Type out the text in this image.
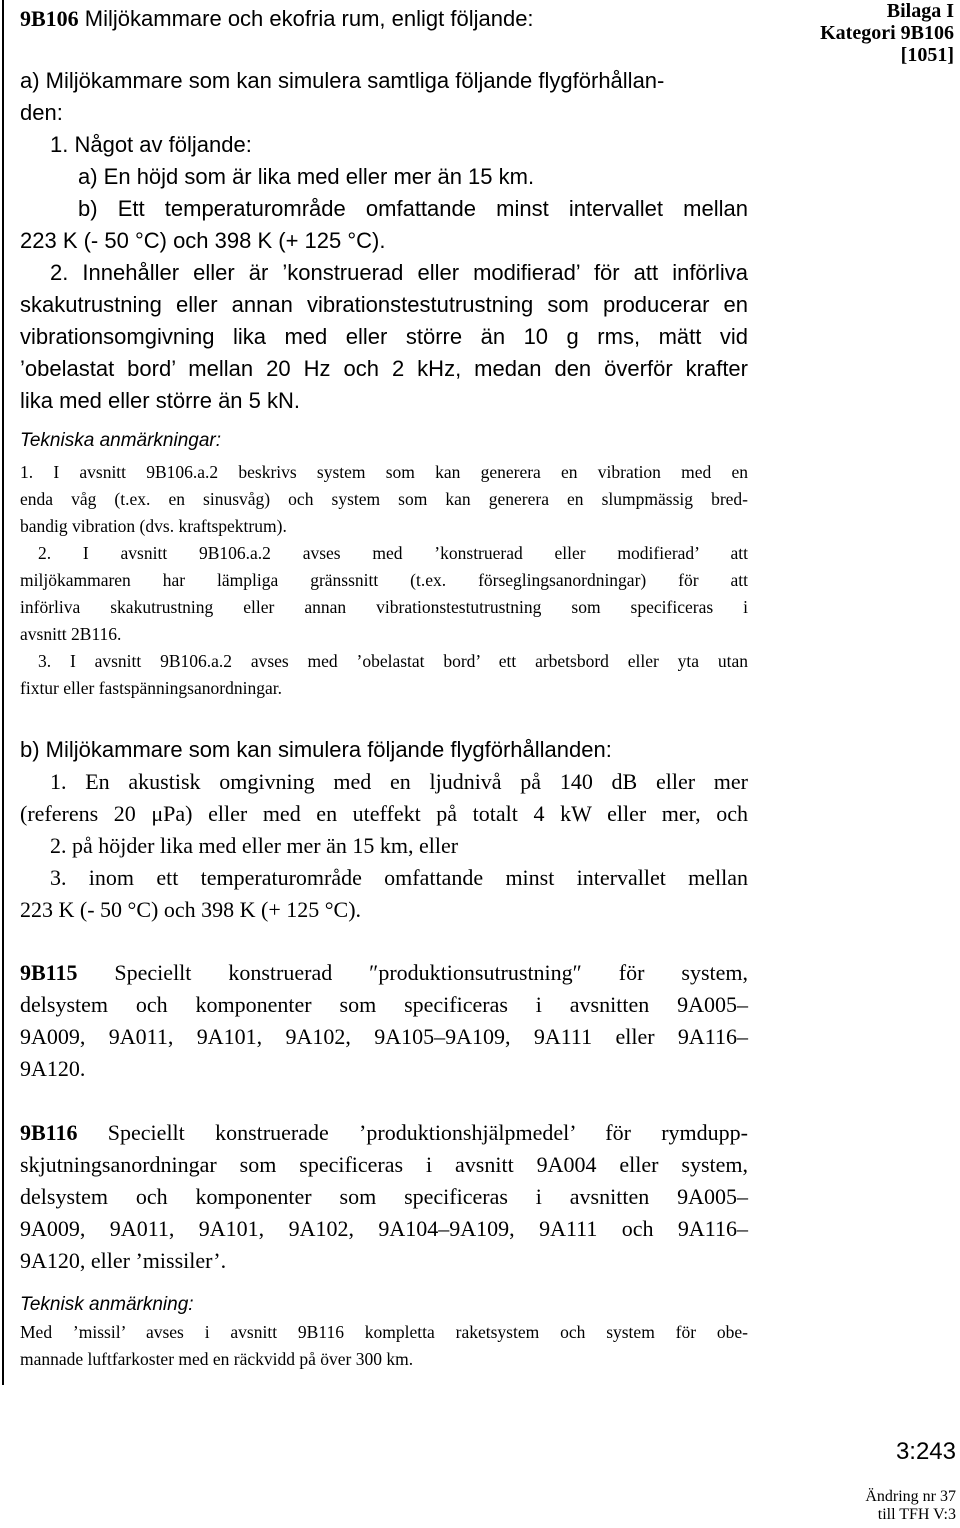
Bilaga I
Kategori 9B106
[1051]
9B106 Miljökammare och ekofria rum, enligt följande:
a) Miljökammare som kan simulera samtliga följande flygförhållan-
den:
1. Något av följande:
a) En höjd som är lika med eller mer än 15 km.
b) Ett temperaturområde omfattande minst intervallet mellan
223 K (- 50 °C) och 398 K (+ 125 °C).
2. Innehåller eller är ’konstruerad eller modifierad’ för att införliva
skakutrustning eller annan vibrationstestutrustning som producerar en
vibrationsomgivning lika med eller större än 10 g rms, mätt vid
’obelastat bord’ mellan 20 Hz och 2 kHz, medan den överför krafter
lika med eller större än 5 kN.
Tekniska anmärkningar:
1. I avsnitt 9B106.a.2 beskrivs system som kan generera en vibration med en
enda våg (t.ex. en sinusvåg) och system som kan generera en slumpmässig bred-
bandig vibration (dvs. kraftspektrum).
2. I avsnitt 9B106.a.2 avses med ’konstruerad eller modifierad’ att
miljökammaren har lämpliga gränssnitt (t.ex. förseglingsanordningar) för att
införliva skakutrustning eller annan vibrationstestutrustning som specificeras i
avsnitt 2B116.
3. I avsnitt 9B106.a.2 avses med ’obelastat bord’ ett arbetsbord eller yta utan
fixtur eller fastspänningsanordningar.
b) Miljökammare som kan simulera följande flygförhållanden:
1. En akustisk omgivning med en ljudnivå på 140 dB eller mer
(referens 20 μPa) eller med en uteffekt på totalt 4 kW eller mer, och
2. på höjder lika med eller mer än 15 km, eller
3. inom ett temperaturområde omfattande minst intervallet mellan
223 K (- 50 °C) och 398 K (+ 125 °C).
9B115 Speciellt konstruerad ″produktionsutrustning″ för system,
delsystem och komponenter som specificeras i avsnitten 9A005–
9A009, 9A011, 9A101, 9A102, 9A105–9A109, 9A111 eller 9A116–
9A120.
9B116 Speciellt konstruerade ’produktionshjälpmedel’ för rymdupp-
skjutningsanordningar som specificeras i avsnitt 9A004 eller system,
delsystem och komponenter som specificeras i avsnitten 9A005–
9A009, 9A011, 9A101, 9A102, 9A104–9A109, 9A111 och 9A116–
9A120, eller ’missiler’.
Teknisk anmärkning:
Med ’missil’ avses i avsnitt 9B116 kompletta raketsystem och system för obe-
mannade luftfarkoster med en räckvidd på över 300 km.
3:243
Ändring nr 37
till TFH V:3
